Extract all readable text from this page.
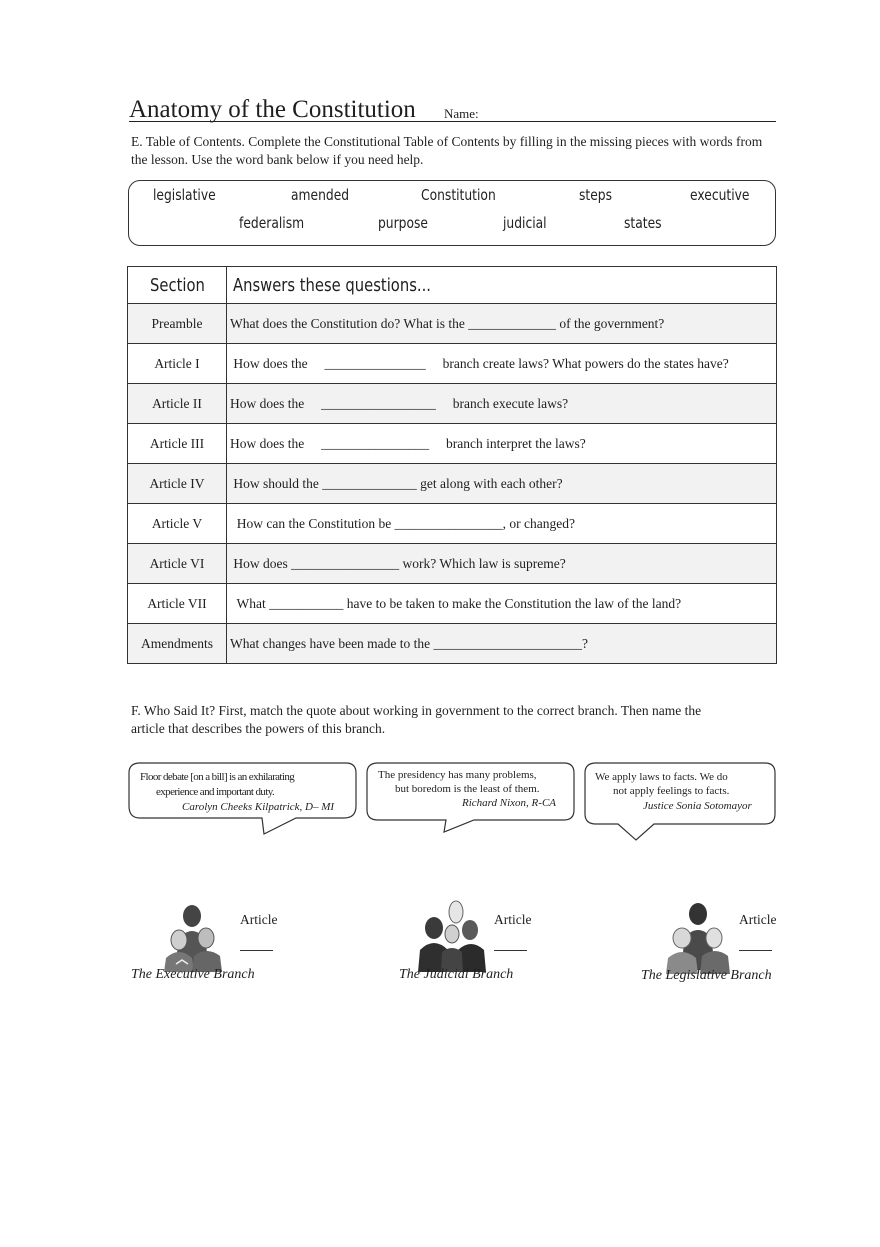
Anatomy of the Constitution Name:
E. Table of Contents. Complete the Constitutional Table of Contents by filling in the missing pieces with words from the lesson. Use the word bank below if you need help.
legislative	amended	Constitution	steps	executive
federalism	purpose	judicial	states
Section	Answers these questions...
Preamble	What does the Constitution do? What is the _____________ of the government?
Article I	How does the     _______________     branch create laws? What powers do the states have?
Article II	How does the     _________________     branch execute laws?
Article III	How does the     ________________     branch interpret the laws?
Article IV	How should the ______________ get along with each other?
Article V	How can the Constitution be ________________, or changed?
Article VI	How does ________________ work? Which law is supreme?
Article VII	What ___________ have to be taken to make the Constitution the law of the land?
Amendments	What changes have been made to the ______________________?
F. Who Said It? First, match the quote about working in government to the correct branch. Then name the article that describes the powers of this branch.
Floor debate [on a bill] is an exhilarating
experience and important duty.
Carolyn Cheeks Kilpatrick, D– MI
The presidency has many problems,
but boredom is the least of them.
Richard Nixon, R-CA
We apply laws to facts. We do
not apply feelings to facts.
Justice Sonia Sotomayor
Article
The Executive Branch
Article
The Judicial Branch
Article
The Legislative Branch
